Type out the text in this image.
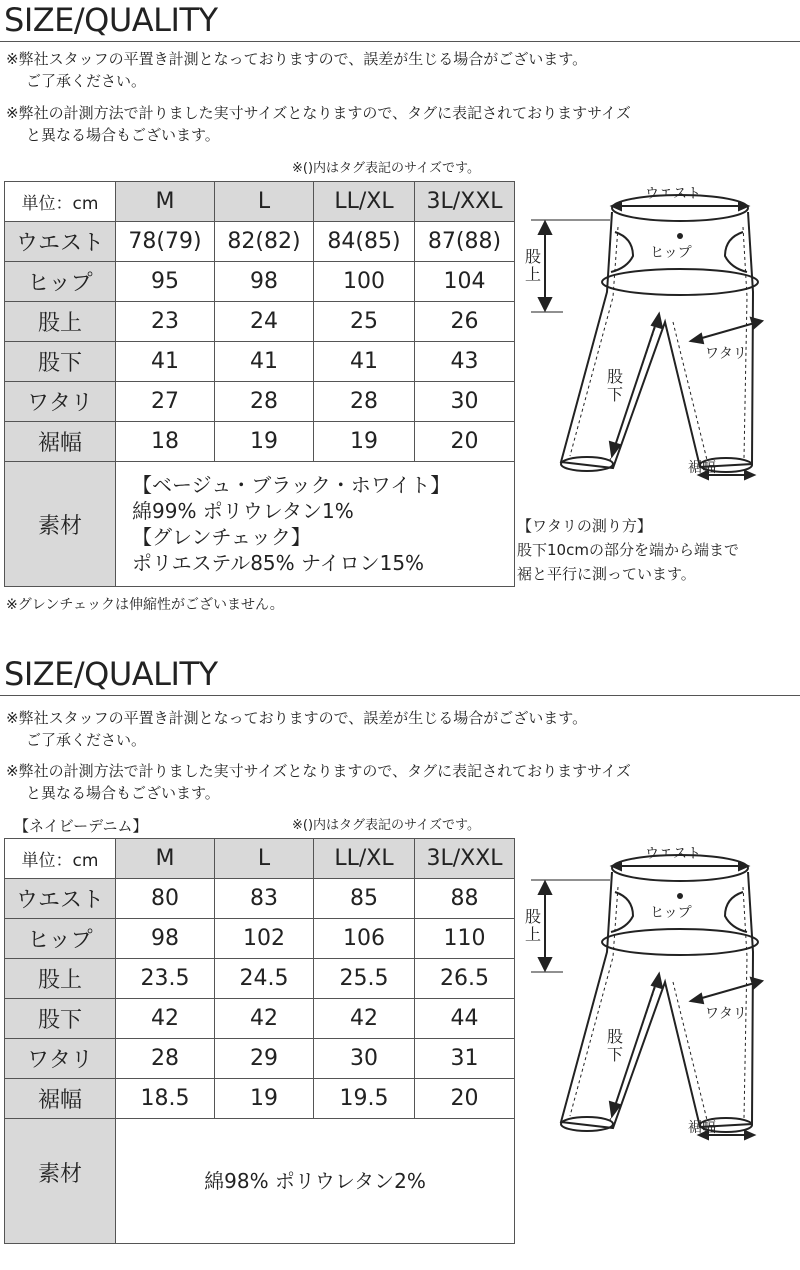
SIZE/QUALITY
※弊社スタッフの平置き計測となっておりますので、誤差が生じる場合がございます。
ご了承ください。
※弊社の計測方法で計りました実寸サイズとなりますので、タグに表記されておりますサイズ
と異なる場合もございます。
※()内はタグ表記のサイズです。
単位：cm	M	L	LL/XL	3L/XXL
ウエスト	78(79)	82(82)	84(85)	87(88)
ヒップ	95	98	100	104
股上	23	24	25	26
股下	41	41	41	43
ワタリ	27	28	28	30
裾幅	18	19	19	20
素材	【ベージュ・ブラック・ホワイト】
綿99% ポリウレタン1%
【グレンチェック】
ポリエステル85% ナイロン15%			
ウエスト
ヒップ
股
上
股
下
ワタリ
裾幅
【ワタリの測り方】
股下10cmの部分を端から端まで
裾と平行に測っています。
※グレンチェックは伸縮性がございません。
SIZE/QUALITY
※弊社スタッフの平置き計測となっておりますので、誤差が生じる場合がございます。
ご了承ください。
※弊社の計測方法で計りました実寸サイズとなりますので、タグに表記されておりますサイズ
と異なる場合もございます。
【ネイビーデニム】	※()内はタグ表記のサイズです。
単位：cm	M	L	LL/XL	3L/XXL
ウエスト	80	83	85	88
ヒップ	98	102	106	110
股上	23.5	24.5	25.5	26.5
股下	42	42	42	44
ワタリ	28	29	30	31
裾幅	18.5	19	19.5	20
素材	綿98% ポリウレタン2%			
ウエスト
ヒップ
股
上
股
下
ワタリ
裾幅
